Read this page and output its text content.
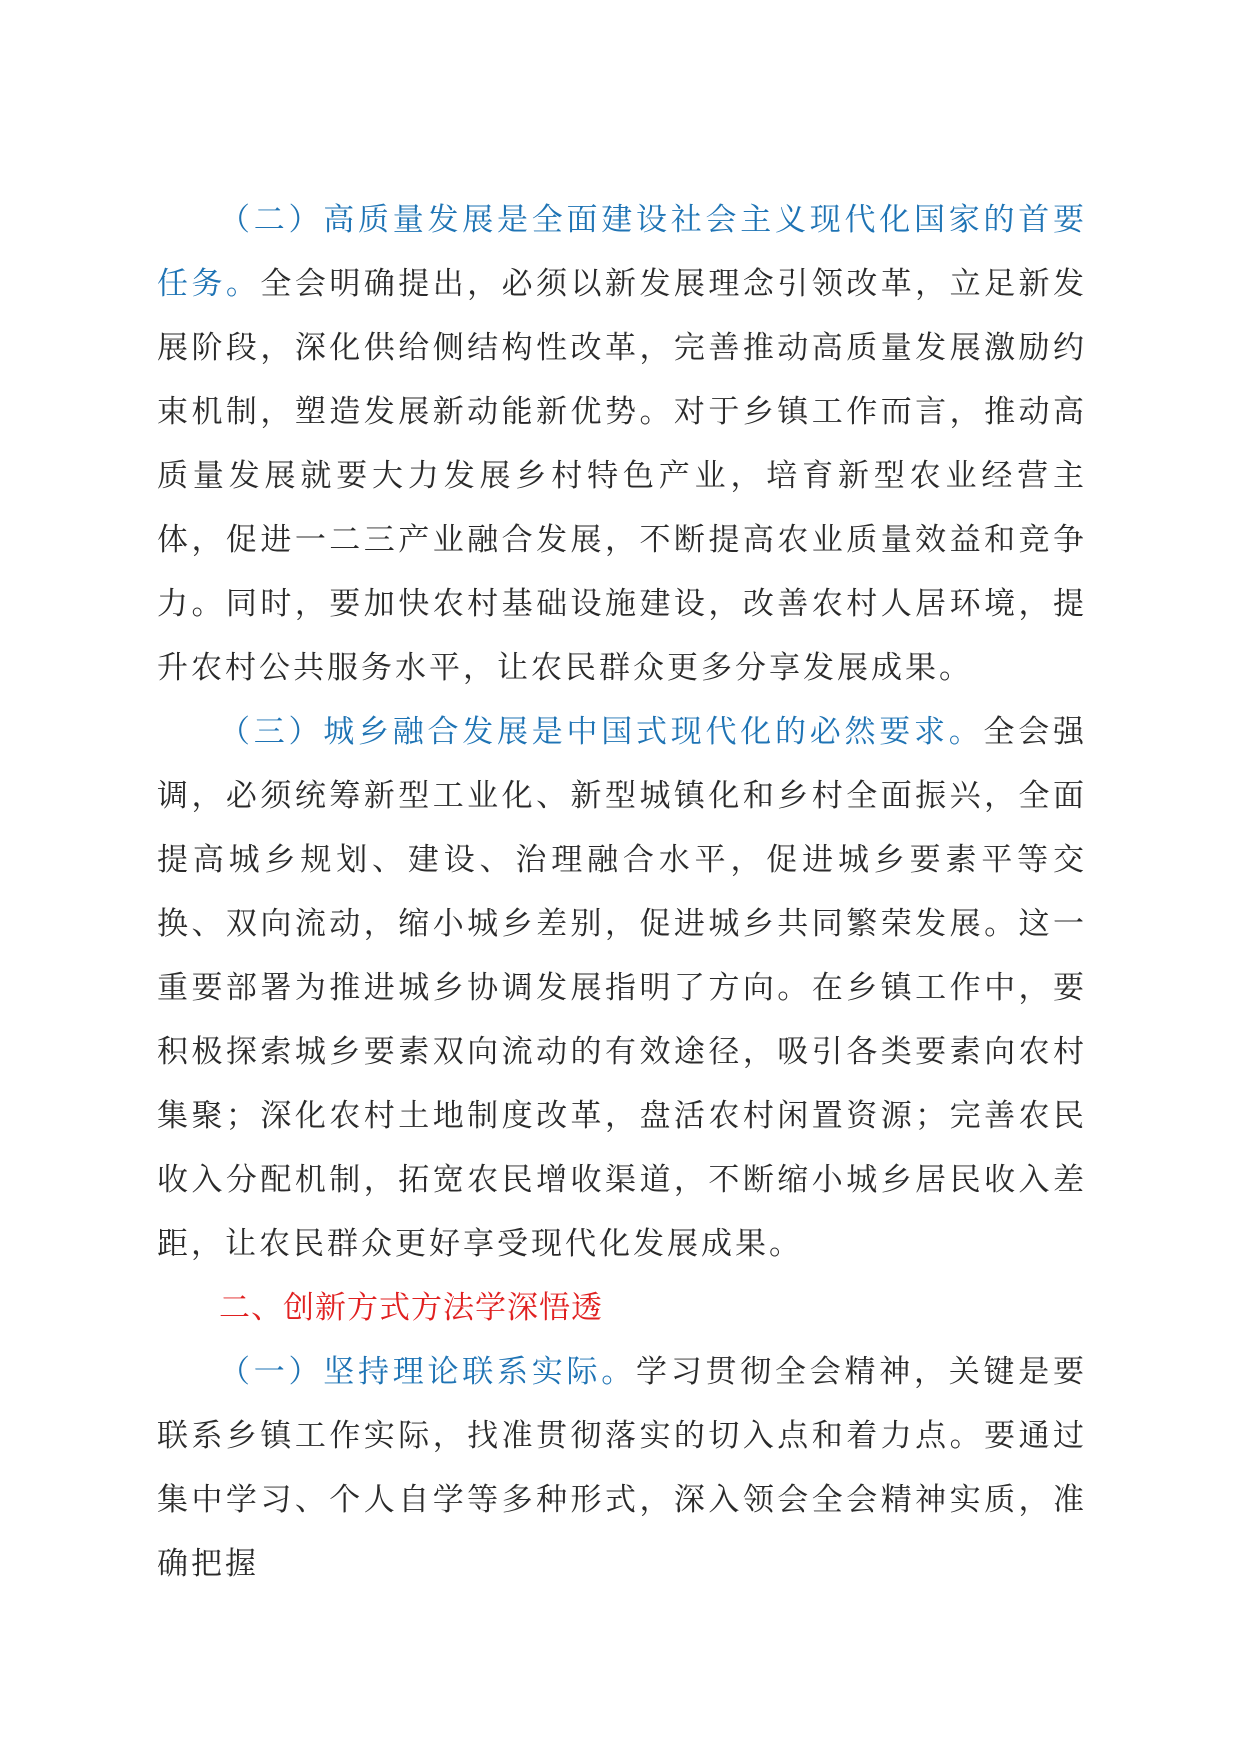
（二）高质量发展是全面建设社会主义现代化国家的首要任务。全会明确提出，必须以新发展理念引领改革，立足新发展阶段，深化供给侧结构性改革，完善推动高质量发展激励约束机制，塑造发展新动能新优势。对于乡镇工作而言，推动高质量发展就要大力发展乡村特色产业，培育新型农业经营主体，促进一二三产业融合发展，不断提高农业质量效益和竞争力。同时，要加快农村基础设施建设，改善农村人居环境，提升农村公共服务水平，让农民群众更多分享发展成果。

（三）城乡融合发展是中国式现代化的必然要求。全会强调，必须统筹新型工业化、新型城镇化和乡村全面振兴，全面提高城乡规划、建设、治理融合水平，促进城乡要素平等交换、双向流动，缩小城乡差别，促进城乡共同繁荣发展。这一重要部署为推进城乡协调发展指明了方向。在乡镇工作中，要积极探索城乡要素双向流动的有效途径，吸引各类要素向农村集聚；深化农村土地制度改革，盘活农村闲置资源；完善农民收入分配机制，拓宽农民增收渠道，不断缩小城乡居民收入差距，让农民群众更好享受现代化发展成果。

二、创新方式方法学深悟透

（一）坚持理论联系实际。学习贯彻全会精神，关键是要联系乡镇工作实际，找准贯彻落实的切入点和着力点。要通过集中学习、个人自学等多种形式，深入领会全会精神实质，准确把握
